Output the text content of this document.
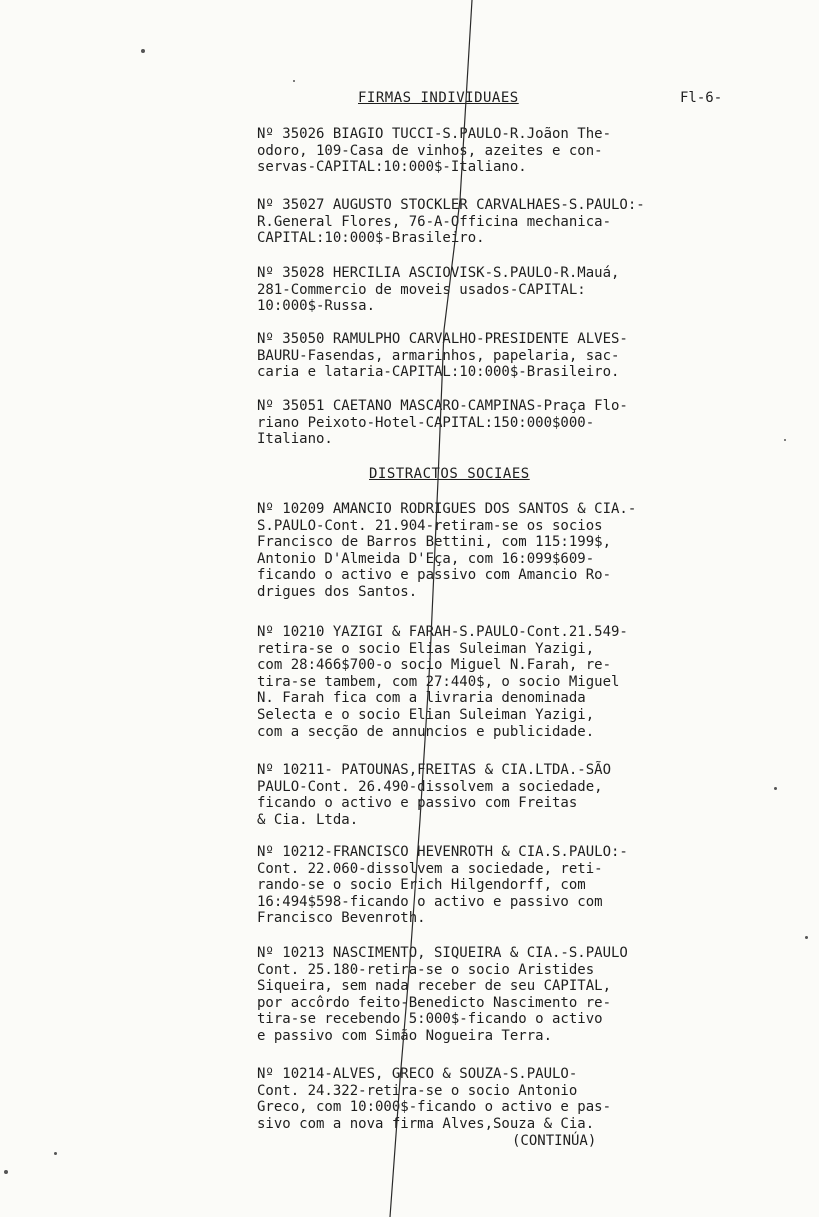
FIRMAS INDIVIDUAES	Fl-6-
Nº 35026 BIAGIO TUCCI-S.PAULO-R.Joãon The-
odoro, 109-Casa de vinhos, azeites e con-
servas-CAPITAL:10:000$-Italiano.
Nº 35027 AUGUSTO STOCKLER CARVALHAES-S.PAULO:-
R.General Flores, 76-A-Officina mechanica-
CAPITAL:10:000$-Brasileiro.
Nº 35028 HERCILIA ASCIOVISK-S.PAULO-R.Mauá,
281-Commercio de moveis usados-CAPITAL:
10:000$-Russa.
Nº 35050 RAMULPHO CARVALHO-PRESIDENTE ALVES-
BAURU-Fasendas, armarinhos, papelaria, sac-
caria e lataria-CAPITAL:10:000$-Brasileiro.
Nº 35051 CAETANO MASCARO-CAMPINAS-Praça Flo-
riano Peixoto-Hotel-CAPITAL:150:000$000-
Italiano.
DISTRACTOS SOCIAES
Nº 10209 AMANCIO RODRIGUES DOS SANTOS & CIA.-
S.PAULO-Cont. 21.904-retiram-se os socios
Francisco de Barros Bettini, com 115:199$,
Antonio D'Almeida D'Eça, com 16:099$609-
ficando o activo e passivo com Amancio Ro-
drigues dos Santos.
Nº 10210 YAZIGI & FARAH-S.PAULO-Cont.21.549-
retira-se o socio Elias Suleiman Yazigi,
com 28:466$700-o socio Miguel N.Farah, re-
tira-se tambem, com 27:440$, o socio Miguel
N. Farah fica com a livraria denominada
Selecta e o socio Elian Suleiman Yazigi,
com a secção de annuncios e publicidade.
Nº 10211- PATOUNAS,FREITAS & CIA.LTDA.-SÃO
PAULO-Cont. 26.490-dissolvem a sociedade,
ficando o activo e passivo com Freitas
& Cia. Ltda.
Nº 10212-FRANCISCO HEVENROTH & CIA.S.PAULO:-
Cont. 22.060-dissolvem a sociedade, reti-
rando-se o socio Erich Hilgendorff, com
16:494$598-ficando o activo e passivo com
Francisco Bevenroth.
Nº 10213 NASCIMENTO, SIQUEIRA & CIA.-S.PAULO
Cont. 25.180-retira-se o socio Aristides
Siqueira, sem nada receber de seu CAPITAL,
por accôrdo feito-Benedicto Nascimento re-
tira-se recebendo 5:000$-ficando o activo
e passivo com Simão Nogueira Terra.
Nº 10214-ALVES, GRECO & SOUZA-S.PAULO-
Cont. 24.322-retira-se o socio Antonio
Greco, com 10:000$-ficando o activo e pas-
sivo com a nova firma Alves,Souza & Cia.
(CONTINÚA)
